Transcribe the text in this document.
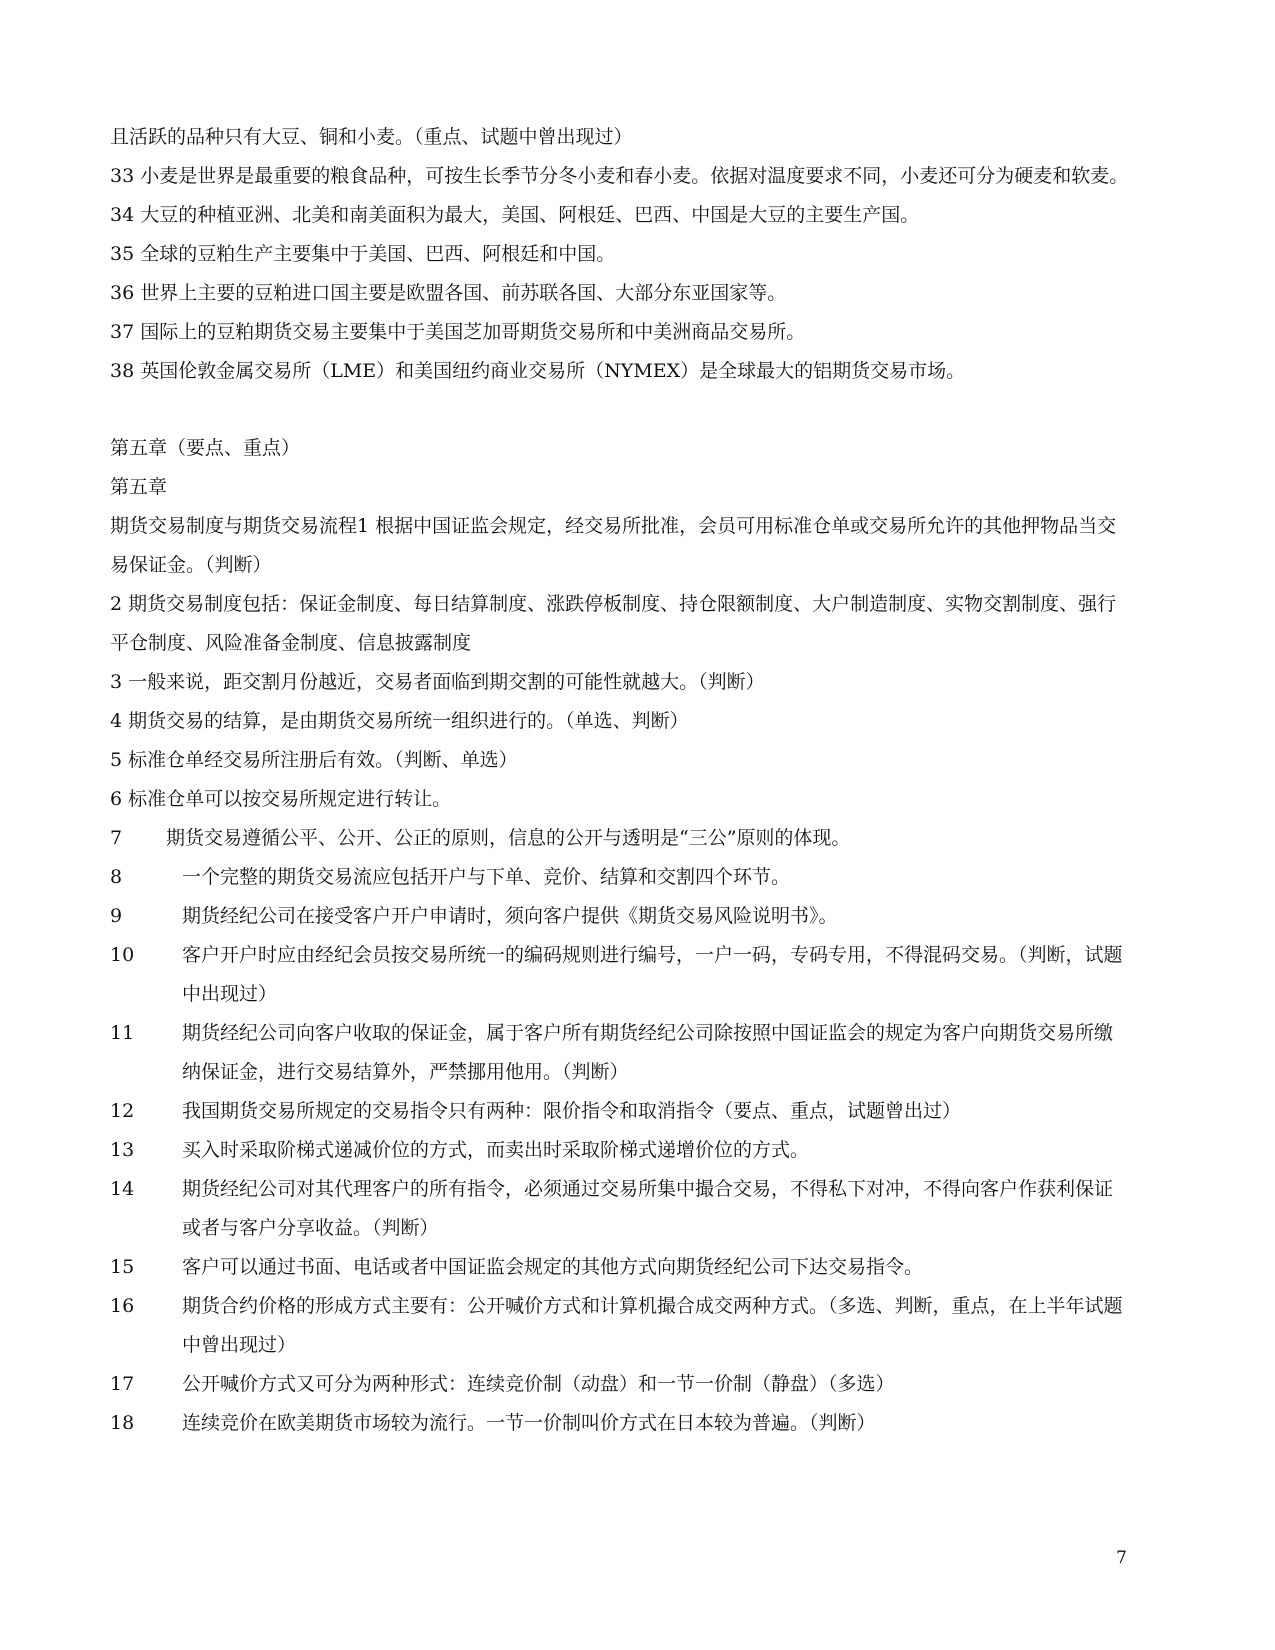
且活跃的品种只有大豆、铜和小麦。（重点、试题中曾出现过）

33 小麦是世界是最重要的粮食品种，可按生长季节分冬小麦和春小麦。依据对温度要求不同，小麦还可分为硬麦和软麦。

34 大豆的种植亚洲、北美和南美面积为最大，美国、阿根廷、巴西、中国是大豆的主要生产国。

35 全球的豆粕生产主要集中于美国、巴西、阿根廷和中国。

36 世界上主要的豆粕进口国主要是欧盟各国、前苏联各国、大部分东亚国家等。

37 国际上的豆粕期货交易主要集中于美国芝加哥期货交易所和中美洲商品交易所。

38 英国伦敦金属交易所（LME）和美国纽约商业交易所（NYMEX）是全球最大的铝期货交易市场。

第五章（要点、重点）

第五章

期货交易制度与期货交易流程1 根据中国证监会规定，经交易所批准，会员可用标准仓单或交易所允许的其他押物品当交易保证金。（判断）

2 期货交易制度包括：保证金制度、每日结算制度、涨跌停板制度、持仓限额制度、大户制造制度、实物交割制度、强行平仓制度、风险准备金制度、信息披露制度

3 一般来说，距交割月份越近，交易者面临到期交割的可能性就越大。（判断）

4 期货交易的结算，是由期货交易所统一组织进行的。（单选、判断）

5 标准仓单经交易所注册后有效。（判断、单选）

6 标准仓单可以按交易所规定进行转让。

7	期货交易遵循公平、公开、公正的原则，信息的公开与透明是“三公”原则的体现。
8	一个完整的期货交易流应包括开户与下单、竞价、结算和交割四个环节。
9	期货经纪公司在接受客户开户申请时，须向客户提供《期货交易风险说明书》。
10	客户开户时应由经纪会员按交易所统一的编码规则进行编号，一户一码，专码专用，不得混码交易。（判断，试题中出现过）
11	期货经纪公司向客户收取的保证金，属于客户所有期货经纪公司除按照中国证监会的规定为客户向期货交易所缴纳保证金，进行交易结算外，严禁挪用他用。（判断）
12	我国期货交易所规定的交易指令只有两种：限价指令和取消指令（要点、重点，试题曾出过）
13	买入时采取阶梯式递减价位的方式，而卖出时采取阶梯式递增价位的方式。
14	期货经纪公司对其代理客户的所有指令，必须通过交易所集中撮合交易，不得私下对冲，不得向客户作获利保证或者与客户分享收益。（判断）
15	客户可以通过书面、电话或者中国证监会规定的其他方式向期货经纪公司下达交易指令。
16	期货合约价格的形成方式主要有：公开喊价方式和计算机撮合成交两种方式。（多选、判断，重点，在上半年试题中曾出现过）
17	公开喊价方式又可分为两种形式：连续竞价制（动盘）和一节一价制（静盘）（多选）
18	连续竞价在欧美期货市场较为流行。一节一价制叫价方式在日本较为普遍。（判断）
7
